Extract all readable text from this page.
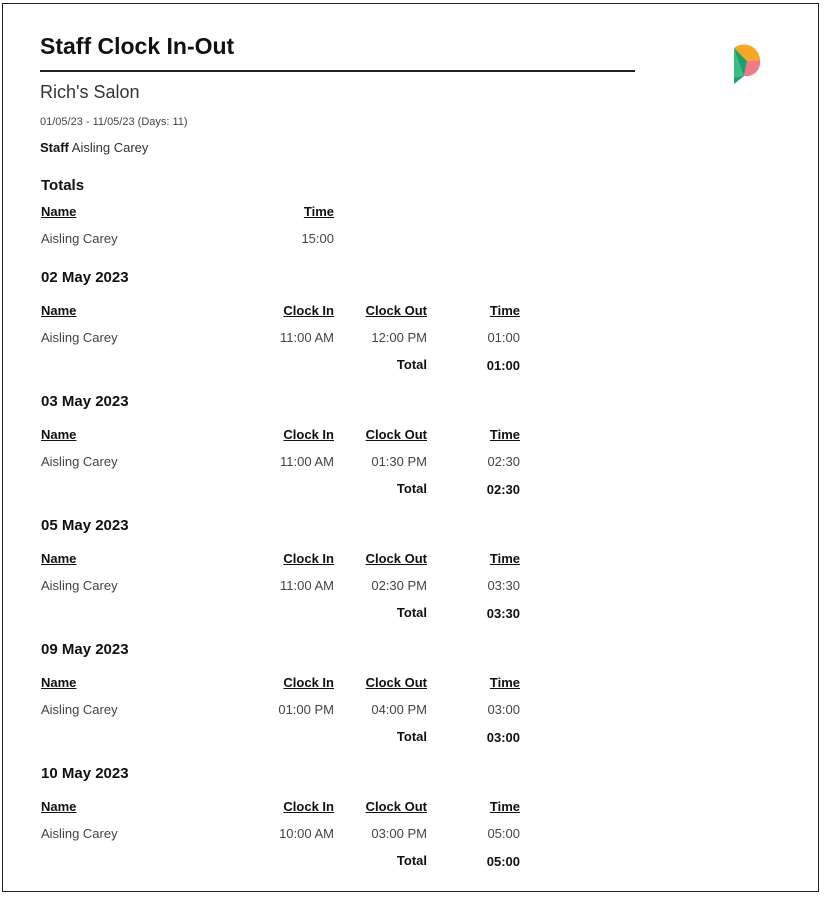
Staff Clock In-Out
Rich's Salon
01/05/23 - 11/05/23 (Days: 11)
Staff Aisling Carey
Totals
Name	Time
Aisling Carey	15:00
02 May 2023
Name	Clock In	Clock Out	Time
Aisling Carey	11:00 AM	12:00 PM	01:00
Total	01:00
03 May 2023
Name	Clock In	Clock Out	Time
Aisling Carey	11:00 AM	01:30 PM	02:30
Total	02:30
05 May 2023
Name	Clock In	Clock Out	Time
Aisling Carey	11:00 AM	02:30 PM	03:30
Total	03:30
09 May 2023
Name	Clock In	Clock Out	Time
Aisling Carey	01:00 PM	04:00 PM	03:00
Total	03:00
10 May 2023
Name	Clock In	Clock Out	Time
Aisling Carey	10:00 AM	03:00 PM	05:00
Total	05:00
